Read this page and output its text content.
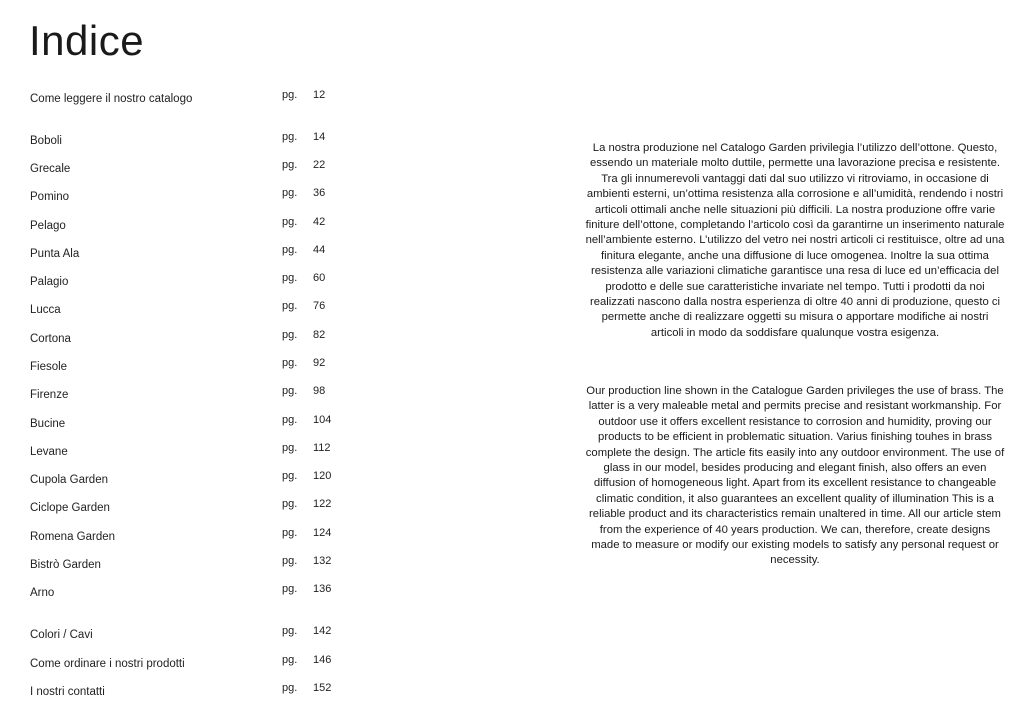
Indice
Come leggere il nostro catalogo	pg. 12
Boboli	pg. 14
Grecale	pg. 22
Pomino	pg. 36
Pelago	pg. 42
Punta Ala	pg. 44
Palagio	pg. 60
Lucca	pg. 76
Cortona	pg. 82
Fiesole	pg. 92
Firenze	pg. 98
Bucine	pg. 104
Levane	pg. 112
Cupola Garden	pg. 120
Ciclope Garden	pg. 122
Romena Garden	pg. 124
Bistrò Garden	pg. 132
Arno	pg. 136
Colori / Cavi	pg. 142
Come ordinare i nostri prodotti	pg. 146
I nostri contatti	pg. 152
La nostra produzione nel Catalogo Garden privilegia l’utilizzo dell’ottone. Questo, essendo un materiale molto duttile, permette una lavorazione precisa e resistente. Tra gli innumerevoli vantaggi dati dal suo utilizzo vi ritroviamo, in occasione di ambienti esterni, un’ottima resistenza alla corrosione e all’umidità, rendendo i nostri articoli ottimali anche nelle situazioni più difficili. La nostra produzione offre varie finiture dell’ottone, completando l’articolo così da garantirne un inserimento naturale nell’ambiente esterno. L’utilizzo del vetro nei nostri articoli ci restituisce, oltre ad una finitura elegante, anche una diffusione di luce omogenea. Inoltre la sua ottima resistenza alle variazioni climatiche garantisce una resa di luce ed un’efficacia del prodotto e delle sue caratteristiche invariate nel tempo. Tutti i prodotti da noi realizzati nascono dalla nostra esperienza di oltre 40 anni di produzione, questo ci permette anche di realizzare oggetti su misura o apportare modifiche ai nostri articoli in modo da soddisfare qualunque vostra esigenza.
Our production line shown in the Catalogue Garden privileges the use of brass. The latter is a very maleable metal and permits precise and resistant workmanship. For outdoor use it offers excellent resistance to corrosion and humidity, proving our products to be efficient in problematic situation. Varius finishing touhes in brass complete the design. The article fits easily into any outdoor environment. The use of glass in our model, besides producing and elegant finish, also offers an even diffusion of homogeneous light. Apart from its excellent resistance to changeable climatic condition, it also guarantees an excellent quality of illumination This is a reliable product and its characteristics remain unaltered in time. All our article stem from the experience of 40 years production. We can, therefore, create designs made to measure or modify our existing models to satisfy any personal request or necessity.
